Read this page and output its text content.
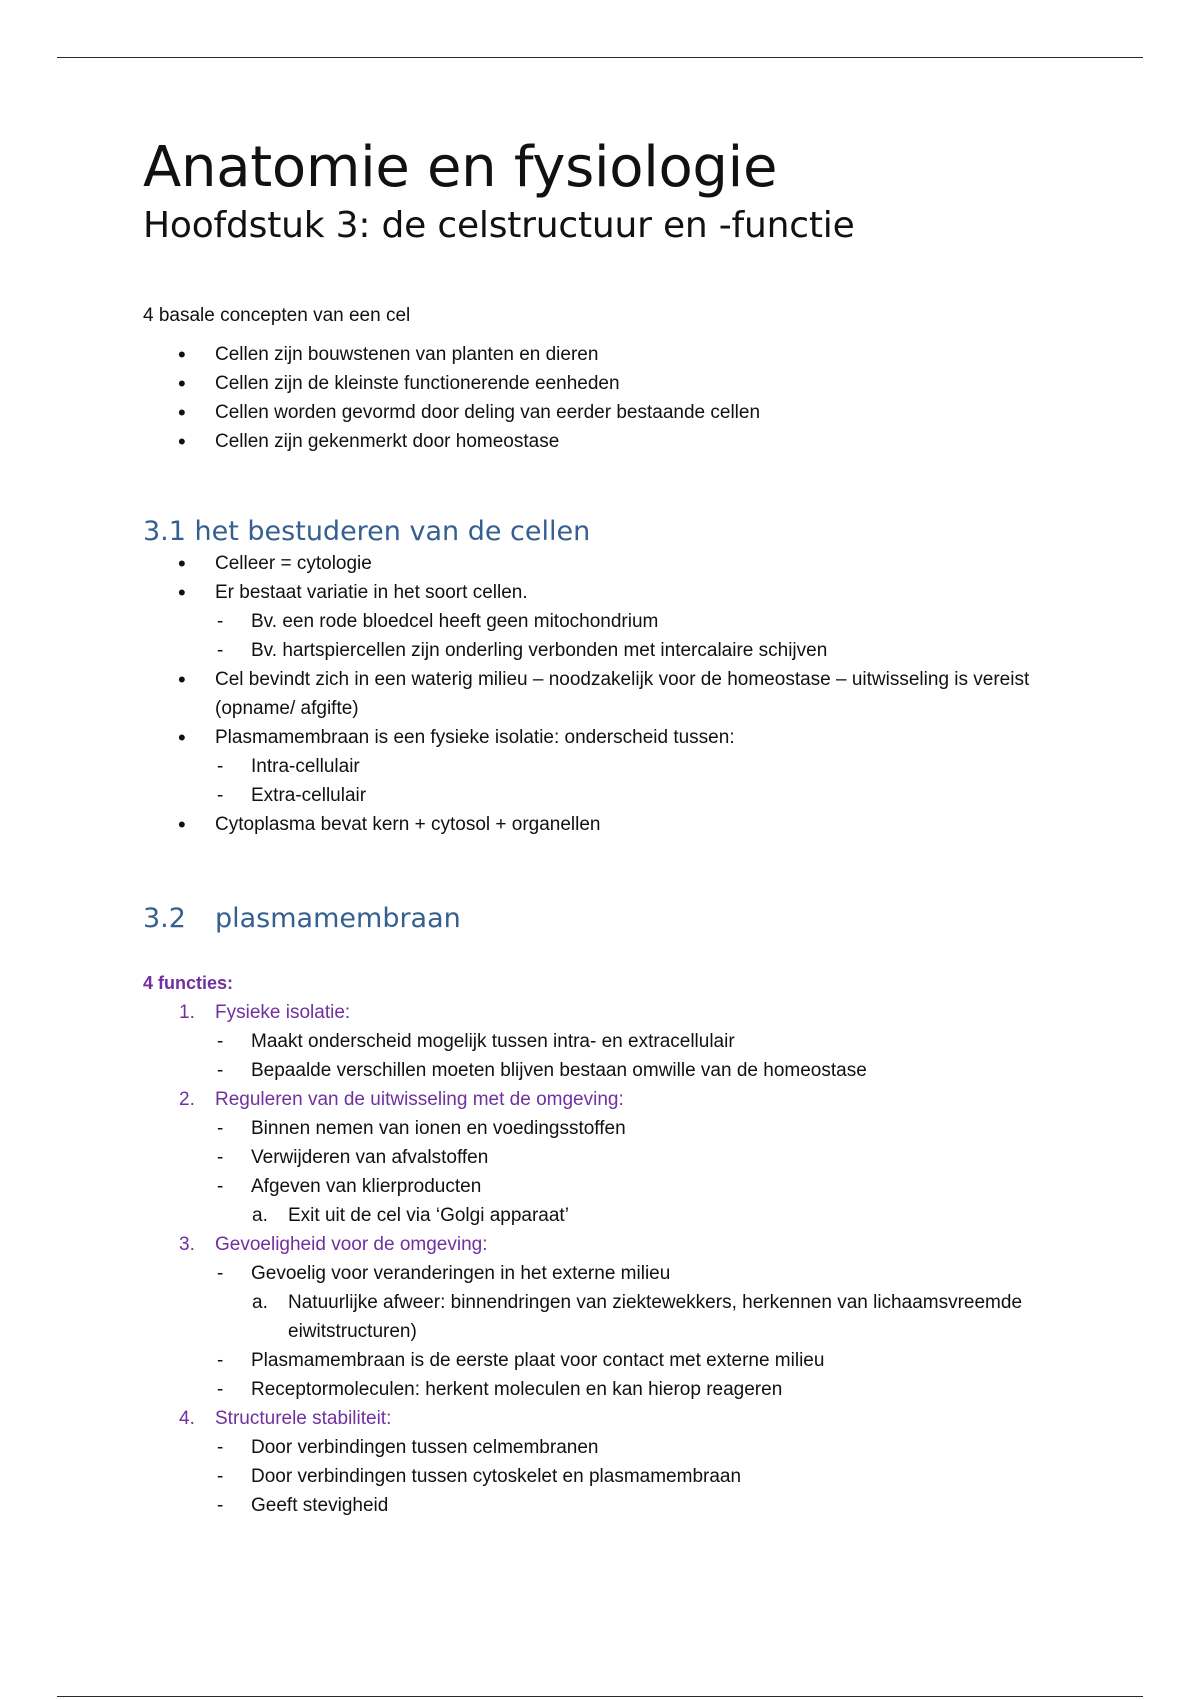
Anatomie en fysiologie
Hoofdstuk 3: de celstructuur en -functie
4 basale concepten van een cel
• Cellen zijn bouwstenen van planten en dieren
• Cellen zijn de kleinste functionerende eenheden
• Cellen worden gevormd door deling van eerder bestaande cellen
• Cellen zijn gekenmerkt door homeostase
3.1 het bestuderen van de cellen
• Celleer = cytologie
• Er bestaat variatie in het soort cellen.
- Bv. een rode bloedcel heeft geen mitochondrium
- Bv. hartspiercellen zijn onderling verbonden met intercalaire schijven
• Cel bevindt zich in een waterig milieu – noodzakelijk voor de homeostase – uitwisseling is vereist (opname/ afgifte)
• Plasmamembraan is een fysieke isolatie: onderscheid tussen:
- Intra-cellulair
- Extra-cellulair
• Cytoplasma bevat kern + cytosol + organellen
3.2 plasmamembraan
4 functies:
1. Fysieke isolatie:
- Maakt onderscheid mogelijk tussen intra- en extracellulair
- Bepaalde verschillen moeten blijven bestaan omwille van de homeostase
2. Reguleren van de uitwisseling met de omgeving:
- Binnen nemen van ionen en voedingsstoffen
- Verwijderen van afvalstoffen
- Afgeven van klierproducten
a. Exit uit de cel via ‘Golgi apparaat’
3. Gevoeligheid voor de omgeving:
- Gevoelig voor veranderingen in het externe milieu
a. Natuurlijke afweer: binnendringen van ziektewekkers, herkennen van lichaamsvreemde eiwitstructuren)
- Plasmamembraan is de eerste plaat voor contact met externe milieu
- Receptormoleculen: herkent moleculen en kan hierop reageren
4. Structurele stabiliteit:
- Door verbindingen tussen celmembranen
- Door verbindingen tussen cytoskelet en plasmamembraan
- Geeft stevigheid
